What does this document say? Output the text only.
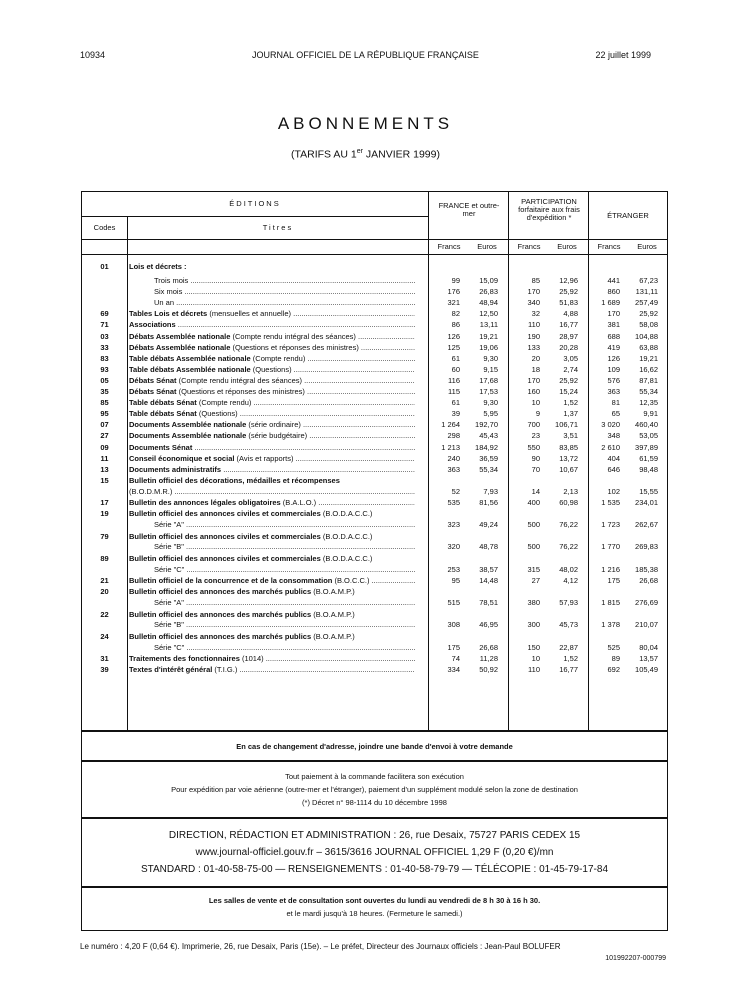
10934	JOURNAL OFFICIEL DE LA RÉPUBLIQUE FRANÇAISE	22 juillet 1999
ABONNEMENTS
(TARIFS AU 1er JANVIER 1999)
ÉDITIONS
Codes	Titres
FRANCE et outre-mer
PARTICIPATION forfaitaire aux frais d'expédition *	ÉTRANGER
Francs	Euros	Francs	Euros	Francs	Euros
01	Lois et décrets :
Trois mois .....	99	15,09	85	12,96	441	67,23
Six mois .....	176	26,83	170	25,92	860	131,11
Un an .....	321	48,94	340	51,83	1 689	257,49
69	Tables Lois et décrets (mensuelles et annuelle) .....	82	12,50	32	4,88	170	25,92
71	Associations .....	86	13,11	110	16,77	381	58,08
03	Débats Assemblée nationale (Compte rendu intégral des séances) .....	126	19,21	190	28,97	688	104,88
33	Débats Assemblée nationale (Questions et réponses des ministres) .....	125	19,06	133	20,28	419	63,88
83	Table débats Assemblée nationale (Compte rendu) .....	61	9,30	20	3,05	126	19,21
93	Table débats Assemblée nationale (Questions) .....	60	9,15	18	2,74	109	16,62
05	Débats Sénat (Compte rendu intégral des séances) .....	116	17,68	170	25,92	576	87,81
35	Débats Sénat (Questions et réponses des ministres) .....	115	17,53	160	15,24	363	55,34
85	Table débats Sénat (Compte rendu) .....	61	9,30	10	1,52	81	12,35
95	Table débats Sénat (Questions) .....	39	5,95	9	1,37	65	9,91
07	Documents Assemblée nationale (série ordinaire) .....	1 264	192,70	700	106,71	3 020	460,40
27	Documents Assemblée nationale (série budgétaire) .....	298	45,43	23	3,51	348	53,05
09	Documents Sénat .....	1 213	184,92	550	83,85	2 610	397,89
11	Conseil économique et social (Avis et rapports) .....	240	36,59	90	13,72	404	61,59
13	Documents administratifs .....	363	55,34	70	10,67	646	98,48
15	Bulletin officiel des décorations, médailles et récompenses
(B.O.D.M.R.) .....	52	7,93	14	2,13	102	15,55
17	Bulletin des annonces légales obligatoires (B.A.L.O.) .....	535	81,56	400	60,98	1 535	234,01
19	Bulletin officiel des annonces civiles et commerciales (B.O.D.A.C.C.)
Série "A" .....	323	49,24	500	76,22	1 723	262,67
79	Bulletin officiel des annonces civiles et commerciales (B.O.D.A.C.C.)
Série "B" .....	320	48,78	500	76,22	1 770	269,83
89	Bulletin officiel des annonces civiles et commerciales (B.O.D.A.C.C.)
Série "C" .....	253	38,57	315	48,02	1 216	185,38
21	Bulletin officiel de la concurrence et de la consommation (B.O.C.C.) .....	95	14,48	27	4,12	175	26,68
20	Bulletin officiel des annonces des marchés publics (B.O.A.M.P.)
Série "A" .....	515	78,51	380	57,93	1 815	276,69
22	Bulletin officiel des annonces des marchés publics (B.O.A.M.P.)
Série "B" .....	308	46,95	300	45,73	1 378	210,07
24	Bulletin officiel des annonces des marchés publics (B.O.A.M.P.)
Série "C" .....	175	26,68	150	22,87	525	80,04
31	Traitements des fonctionnaires (1014) .....	74	11,28	10	1,52	89	13,57
39	Textes d'intérêt général (T.I.G.) .....	334	50,92	110	16,77	692	105,49
En cas de changement d'adresse, joindre une bande d'envoi à votre demande
Tout paiement à la commande facilitera son exécution
Pour expédition par voie aérienne (outre-mer et l'étranger), paiement d'un supplément modulé selon la zone de destination
(*) Décret n° 98-1114 du 10 décembre 1998
DIRECTION, RÉDACTION ET ADMINISTRATION : 26, rue Desaix, 75727 PARIS CEDEX 15
www.journal-officiel.gouv.fr – 3615/3616 JOURNAL OFFICIEL 1,29 F (0,20 €)/mn
STANDARD : 01-40-58-75-00 — RENSEIGNEMENTS : 01-40-58-79-79 — TÉLÉCOPIE : 01-45-79-17-84
Les salles de vente et de consultation sont ouvertes du lundi au vendredi de 8 h 30 à 16 h 30.
et le mardi jusqu'à 18 heures. (Fermeture le samedi.)
Le numéro : 4,20 F (0,64 €). Imprimerie, 26, rue Desaix, Paris (15e). – Le préfet, Directeur des Journaux officiels : Jean-Paul BOLUFER
101992207-000799
